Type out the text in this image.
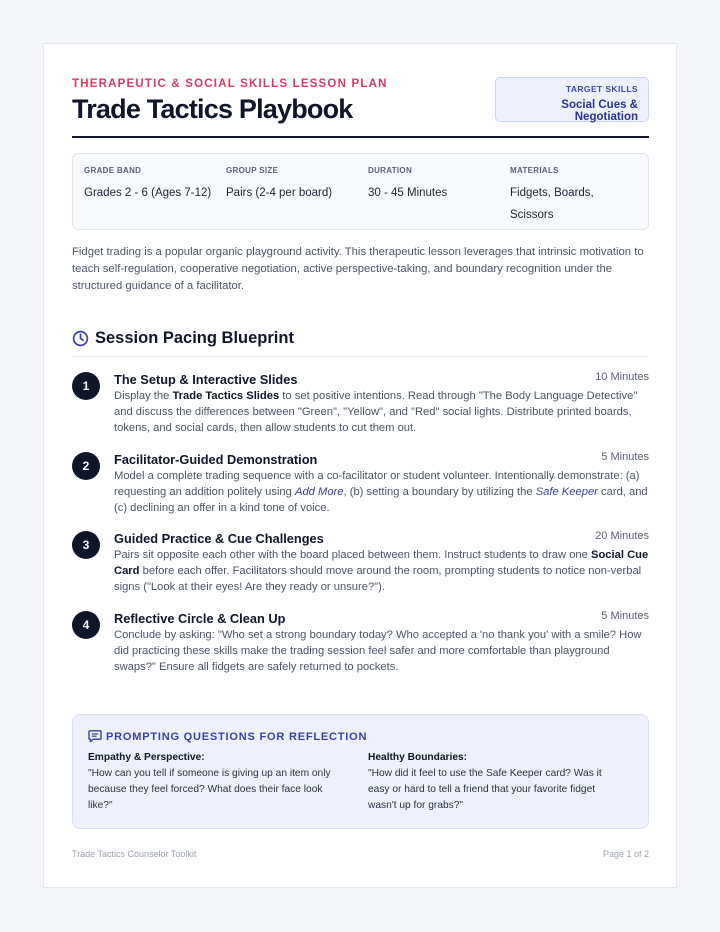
THERAPEUTIC & SOCIAL SKILLS LESSON PLAN
Trade Tactics Playbook
TARGET SKILLS
Social Cues & Negotiation
GRADE BAND
Grades 2 - 6 (Ages 7-12)
GROUP SIZE
Pairs (2-4 per board)
DURATION
30 - 45 Minutes
MATERIALS
Fidgets, Boards, Scissors
Fidget trading is a popular organic playground activity. This therapeutic lesson leverages that intrinsic motivation to teach self-regulation, cooperative negotiation, active perspective-taking, and boundary recognition under the structured guidance of a facilitator.
Session Pacing Blueprint
1	The Setup & Interactive Slides	10 Minutes
Display the Trade Tactics Slides to set positive intentions. Read through "The Body Language Detective" and discuss the differences between "Green", "Yellow", and "Red" social lights. Distribute printed boards, tokens, and social cards, then allow students to cut them out.
2	Facilitator-Guided Demonstration	5 Minutes
Model a complete trading sequence with a co-facilitator or student volunteer. Intentionally demonstrate: (a) requesting an addition politely using Add More, (b) setting a boundary by utilizing the Safe Keeper card, and (c) declining an offer in a kind tone of voice.
3	Guided Practice & Cue Challenges	20 Minutes
Pairs sit opposite each other with the board placed between them. Instruct students to draw one Social Cue Card before each offer. Facilitators should move around the room, prompting students to notice non-verbal signs ("Look at their eyes! Are they ready or unsure?").
4	Reflective Circle & Clean Up	5 Minutes
Conclude by asking: "Who set a strong boundary today? Who accepted a 'no thank you' with a smile? How did practicing these skills make the trading session feel safer and more comfortable than playground swaps?" Ensure all fidgets are safely returned to pockets.
PROMPTING QUESTIONS FOR REFLECTION
Empathy & Perspective:
"How can you tell if someone is giving up an item only because they feel forced? What does their face look like?"
Healthy Boundaries:
"How did it feel to use the Safe Keeper card? Was it easy or hard to tell a friend that your favorite fidget wasn't up for grabs?"
Trade Tactics Counselor Toolkit	Page 1 of 2
